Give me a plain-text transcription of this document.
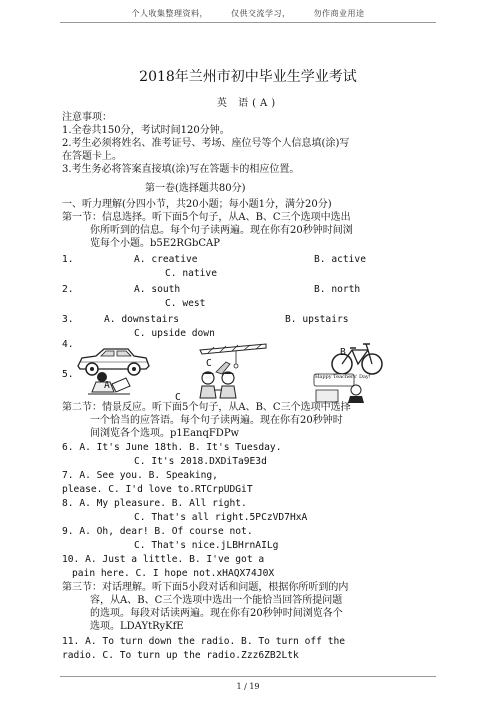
个人收集整理资料，	仅供交流学习，	勿作商业用途
2018年兰州市初中毕业生学业考试
英 语(A)
注意事项：
1.全卷共150分，考试时间120分钟。
2.考生必须将姓名、准考证号、考场、座位号等个人信息填(涂)写
在答题卡上。
3.考生务必将答案直接填(涂)写在答题卡的相应位置。
第一卷(选择题共80分)
一、听力理解(分四小节，共20小题；每小题1分，满分20分)
第一节：信息选择。听下面5个句子，从A、B、C三个选项中选出
你所听到的信息。每个句子读两遍。现在你有20秒钟时间浏
览每个小题。b5E2RGbCAP
1.	A. creative	B. active
C. native
2.	A. south	B. north
C. west
3.	A. downstairs	B. upstairs
C. upside down
4.
C
B
5.
A
Happy Teachers' Day!
C
第二节：情景反应。听下面5个句子，从A、B、C三个选项中选择
一个恰当的应答语。每个句子读两遍。现在你有20秒钟时
间浏览各个选项。p1EanqFDPw
6. A. It's June 18th. B. It's Tuesday.
C. It's 2018.DXDiTa9E3d
7. A. See you. B. Speaking,
please. C. I'd love to.RTCrpUDGiT
8. A. My pleasure. B. All right.
C. That's all right.5PCzVD7HxA
9. A. Oh, dear! B. Of course not.
C. That's nice.jLBHrnAILg
10. A. Just a little. B. I've got a
pain here. C. I hope not.xHAQX74J0X
第三节：对话理解。听下面5小段对话和问题，根据你所听到的内
容，从A、B、C三个选项中选出一个能恰当回答所提问题
的选项。每段对话读两遍。现在你有20秒钟时间浏览各个
选项。LDAYtRyKfE
11. A. To turn down the radio. B. To turn off the
radio. C. To turn up the radio.Zzz6ZB2Ltk
1 / 19
